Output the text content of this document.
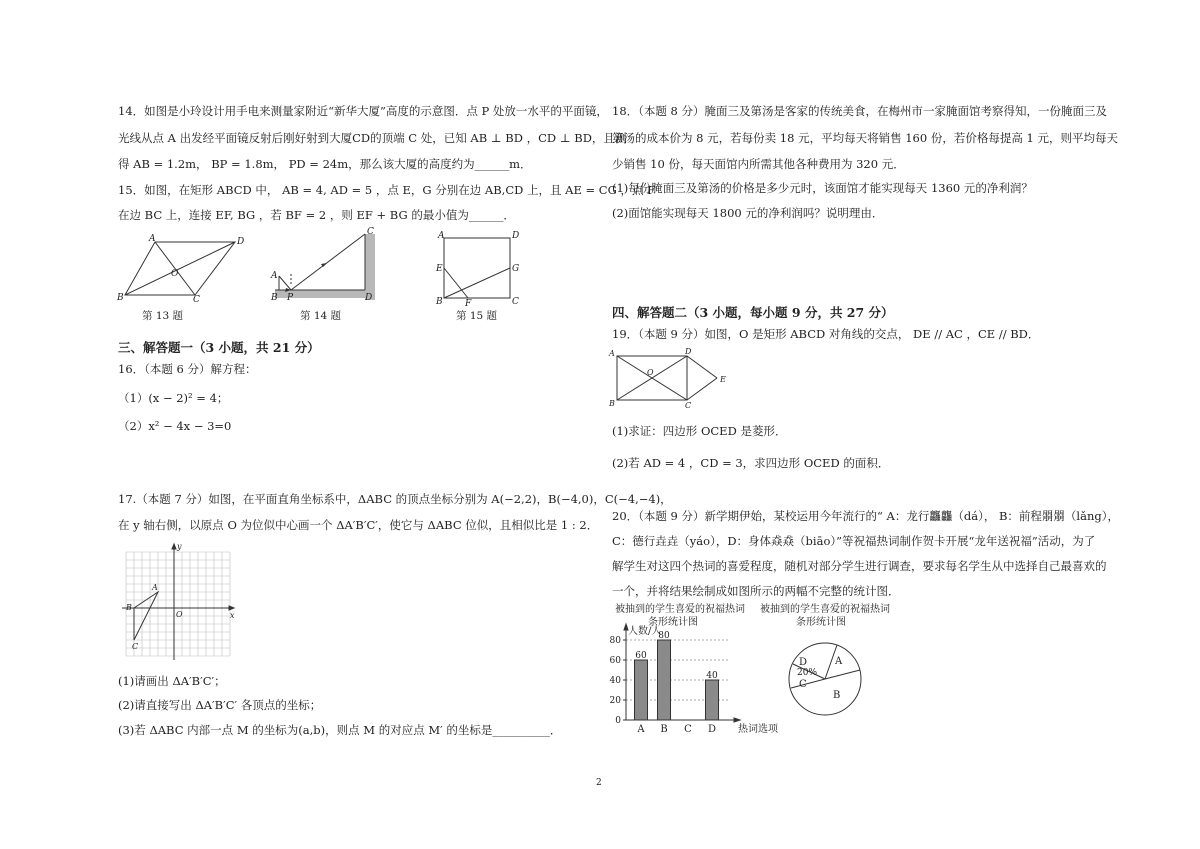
14．如图是小玲设计用手电来测量家附近“新华大厦”高度的示意图．点 P 处放一水平的平面镜，
光线从点 A 出发经平面镜反射后刚好射到大厦CD的顶端 C 处，已知 AB ⊥ BD ，CD ⊥ BD，且测
得 AB = 1.2m， BP = 1.8m， PD = 24m，那么该大厦的高度约为______m．
15．如图，在矩形 ABCD 中， AB = 4, AD = 5 ，点 E，G 分别在边 AB,CD 上，且 AE = CG ，点 F
在边 BC 上，连接 EF, BG ，若 BF = 2 ，则 EF + BG 的最小值为______．
A	D
O
B	C
第 13 题
C
A
B P	D
第 14 题
A	D
E	G
B F	C
第 15 题
三、解答题一（3 小题，共 21 分）
16．（本题 6 分）解方程：
（1）(x − 2)² = 4；
（2）x² − 4x − 3=0
17.（本题 7 分）如图，在平面直角坐标系中，ΔABC 的顶点坐标分别为 A(−2,2)，B(−4,0)，C(−4,−4)，
在 y 轴右侧，以原点 O 为位似中心画一个 ΔA′B′C′，使它与 ΔABC 位似，且相似比是 1 : 2．
y
x
O
A
B
C
(1)请画出 ΔA′B′C′；
(2)请直接写出 ΔA′B′C′ 各顶点的坐标；
(3)若 ΔABC 内部一点 M 的坐标为(a,b)，则点 M 的对应点 M′ 的坐标是__________．
18．（本题 8 分）腌面三及第汤是客家的传统美食，在梅州市一家腌面馆考察得知，一份腌面三及
第汤的成本价为 8 元，若每份卖 18 元，平均每天将销售 160 份，若价格每提高 1 元，则平均每天
少销售 10 份，每天面馆内所需其他各种费用为 320 元．
(1)每份腌面三及第汤的价格是多少元时，该面馆才能实现每天 1360 元的净利润？
(2)面馆能实现每天 1800 元的净利润吗？说明理由．
四、解答题二（3 小题，每小题 9 分，共 27 分）
19．（本题 9 分）如图，O 是矩形 ABCD 对角线的交点， DE // AC ，CE // BD．
A	D
O
E
B	C
(1)求证：四边形 OCED 是菱形．
(2)若 AD = 4 ，CD = 3，求四边形 OCED 的面积．
20．（本题 9 分）新学期伊始，某校运用今年流行的“ A：龙行龘龘（dá）， B：前程朤朤（lǎng），
C：德行垚垚（yáo），D：身体猋猋（biāo）”等祝福热词制作贺卡开展“龙年送祝福”活动，为了
解学生对这四个热词的喜爱程度，随机对部分学生进行调查，要求每名学生从中选择自己最喜欢的
一个，并将结果绘制成如图所示的两幅不完整的统计图．
被抽到的学生喜爱的祝福热词
条形统计图
被抽到的学生喜爱的祝福热词
条形统计图
人数/人
热词选项
0
20
40
60
80
60
A
80
B C
40
D
A
B
C
D
20%
2
